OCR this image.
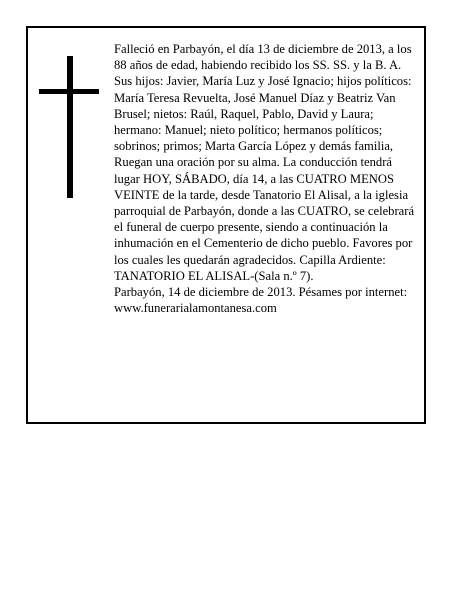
Falleció en Parbayón, el día 13 de diciembre de 2013, a los 88 años de edad, habiendo recibido los SS. SS. y la B. A.

Sus hijos: Javier, María Luz y José Ignacio; hijos políticos: María Teresa Revuelta, José Manuel Díaz y Beatriz Van Brusel; nietos: Raúl, Raquel, Pablo, David y Laura; hermano: Manuel; nieto político; hermanos políticos; sobrinos; primos; Marta García López y demás familia,

Ruegan una oración por su alma. La conducción tendrá lugar HOY, SÁBADO, día 14, a las CUATRO MENOS VEINTE de la tarde, desde Tanatorio El Alisal, a la iglesia parroquial de Parbayón, donde a las CUATRO, se celebrará el funeral de cuerpo presente, siendo a continuación la inhumación en el Cementerio de dicho pueblo. Favores por los cuales les quedarán agradecidos. Capilla Ardiente: TANATORIO EL ALISAL-(Sala n.º 7).

Parbayón, 14 de diciembre de 2013. Pésames por internet: www.funerarialamontanesa.com
